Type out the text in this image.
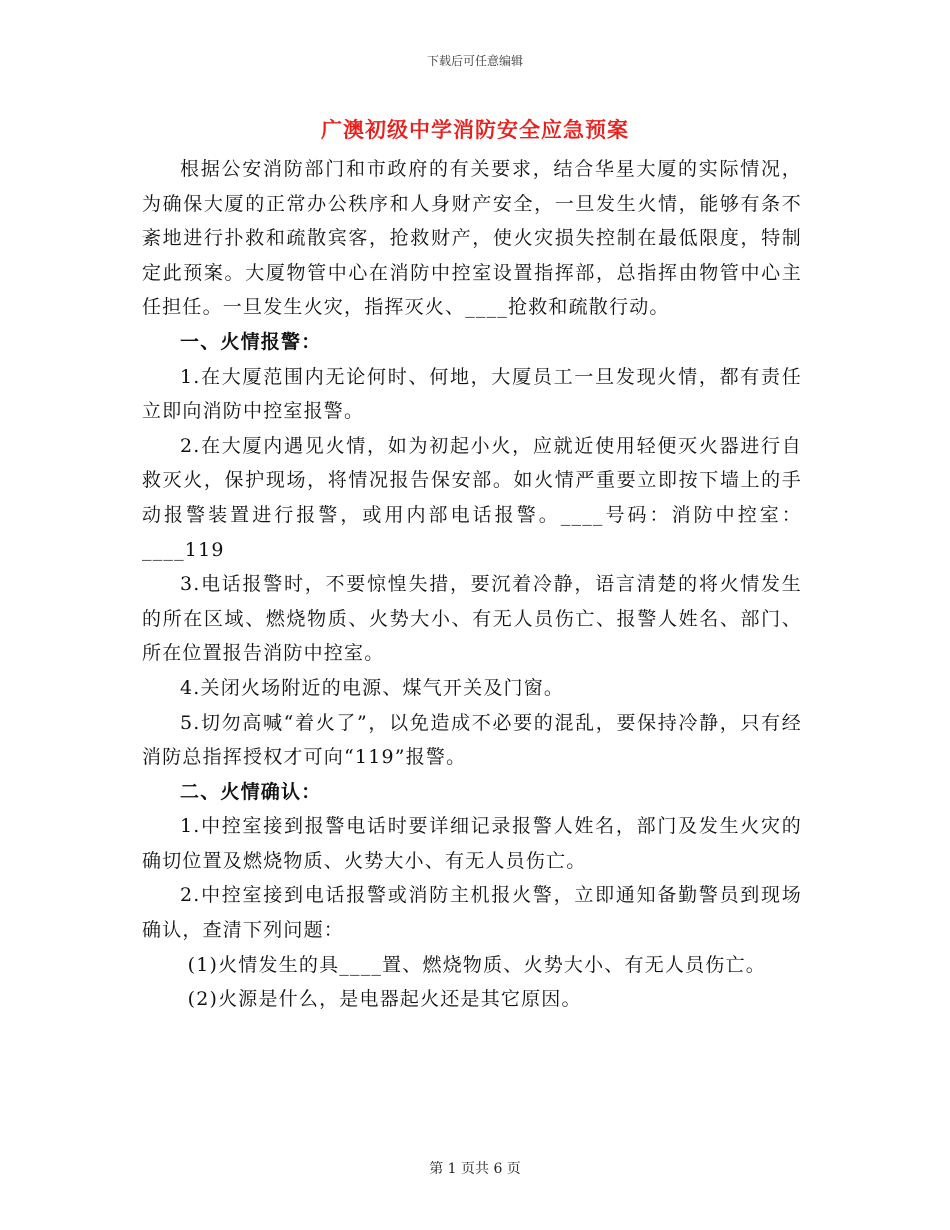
下载后可任意编辑
广澳初级中学消防安全应急预案

根据公安消防部门和市政府的有关要求，结合华星大厦的实际情况，为确保大厦的正常办公秩序和人身财产安全，一旦发生火情，能够有条不紊地进行扑救和疏散宾客，抢救财产，使火灾损失控制在最低限度，特制定此预案。大厦物管中心在消防中控室设置指挥部，总指挥由物管中心主任担任。一旦发生火灾，指挥灭火、____抢救和疏散行动。

一、火情报警：

1.在大厦范围内无论何时、何地，大厦员工一旦发现火情，都有责任立即向消防中控室报警。

2.在大厦内遇见火情，如为初起小火，应就近使用轻便灭火器进行自救灭火，保护现场，将情况报告保安部。如火情严重要立即按下墙上的手动报警装置进行报警，或用内部电话报警。____号码：消防中控室：____119

3.电话报警时，不要惊惶失措，要沉着冷静，语言清楚的将火情发生的所在区域、燃烧物质、火势大小、有无人员伤亡、报警人姓名、部门、所在位置报告消防中控室。

4.关闭火场附近的电源、煤气开关及门窗。

5.切勿高喊“着火了”，以免造成不必要的混乱，要保持冷静，只有经消防总指挥授权才可向“119”报警。

二、火情确认：

1.中控室接到报警电话时要详细记录报警人姓名，部门及发生火灾的确切位置及燃烧物质、火势大小、有无人员伤亡。

2.中控室接到电话报警或消防主机报火警，立即通知备勤警员到现场确认，查清下列问题：

(1)火情发生的具____置、燃烧物质、火势大小、有无人员伤亡。

(2)火源是什么，是电器起火还是其它原因。

第 1 页共 6 页
